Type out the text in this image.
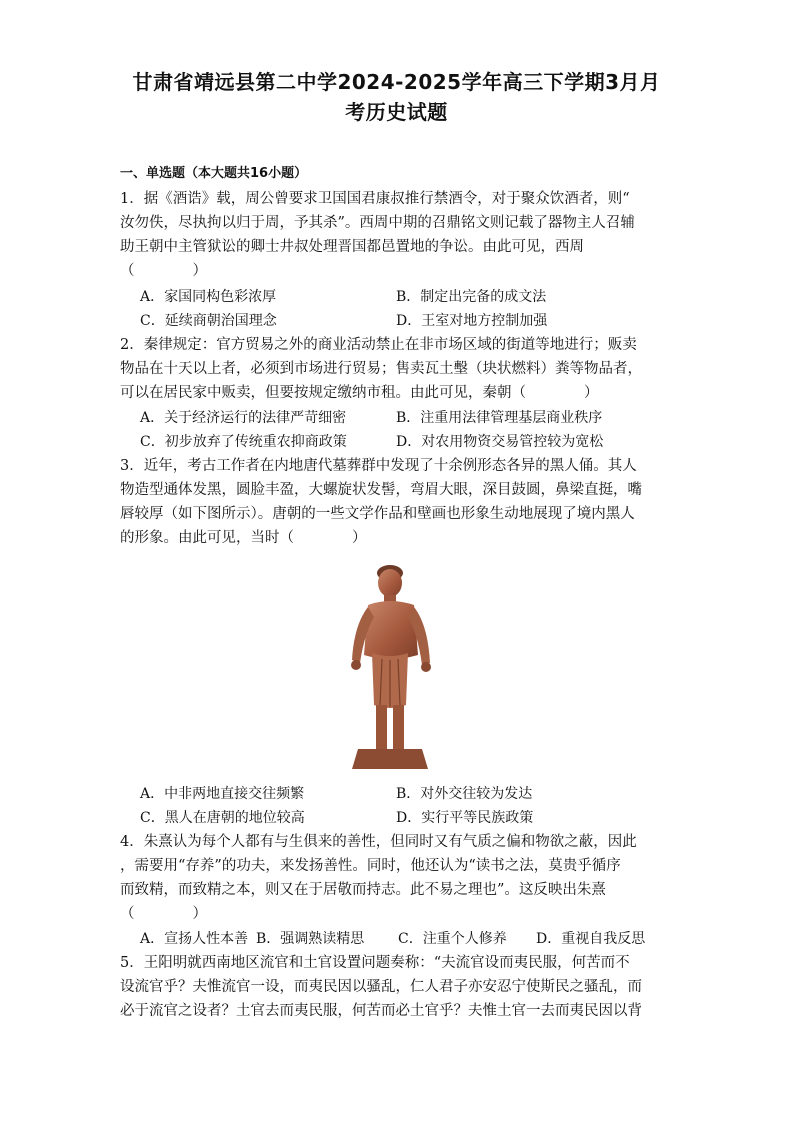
甘肃省靖远县第二中学2024-2025学年高三下学期3月月
考历史试题
一、单选题（本大题共16小题）
1．据《酒诰》载，周公曾要求卫国国君康叔推行禁酒令，对于聚众饮酒者，则“
汝勿佚，尽执拘以归于周，予其杀”。西周中期的召鼎铭文则记载了器物主人召辅
助王朝中主管狱讼的卿士井叔处理晋国都邑置地的争讼。由此可见，西周
（　　　　）
A．家国同构色彩浓厚	B．制定出完备的成文法
C．延续商朝治国理念	D．王室对地方控制加强
2．秦律规定：官方贸易之外的商业活动禁止在非市场区域的街道等地进行；贩卖
物品在十天以上者，必须到市场进行贸易；售卖瓦土墼（块状燃料）粪等物品者，
可以在居民家中贩卖，但要按规定缴纳市租。由此可见，秦朝（　　　　）
A．关于经济运行的法律严苛细密	B．注重用法律管理基层商业秩序
C．初步放弃了传统重农抑商政策	D．对农用物资交易管控较为宽松
3．近年，考古工作者在内地唐代墓葬群中发现了十余例形态各异的黑人俑。其人
物造型通体发黑，圆脸丰盈，大螺旋状发髻，弯眉大眼，深目鼓圆，鼻梁直挺，嘴
唇较厚（如下图所示）。唐朝的一些文学作品和壁画也形象生动地展现了境内黑人
的形象。由此可见，当时（　　　　）
A．中非两地直接交往频繁	B．对外交往较为发达
C．黑人在唐朝的地位较高	D．实行平等民族政策
4．朱熹认为每个人都有与生俱来的善性，但同时又有气质之偏和物欲之蔽，因此
，需要用“存养”的功夫，来发扬善性。同时，他还认为“读书之法，莫贵乎循序
而致精，而致精之本，则又在于居敬而持志。此不易之理也”。这反映出朱熹
（　　　　）
A．宣扬人性本善 B．强调熟读精思 C．注重个人修养 D．重视自我反思
5．王阳明就西南地区流官和土官设置问题奏称：“夫流官设而夷民服，何苦而不
设流官乎？夫惟流官一设，而夷民因以骚乱，仁人君子亦安忍宁使斯民之骚乱，而
必于流官之设者？土官去而夷民服，何苦而必土官乎？夫惟土官一去而夷民因以背
